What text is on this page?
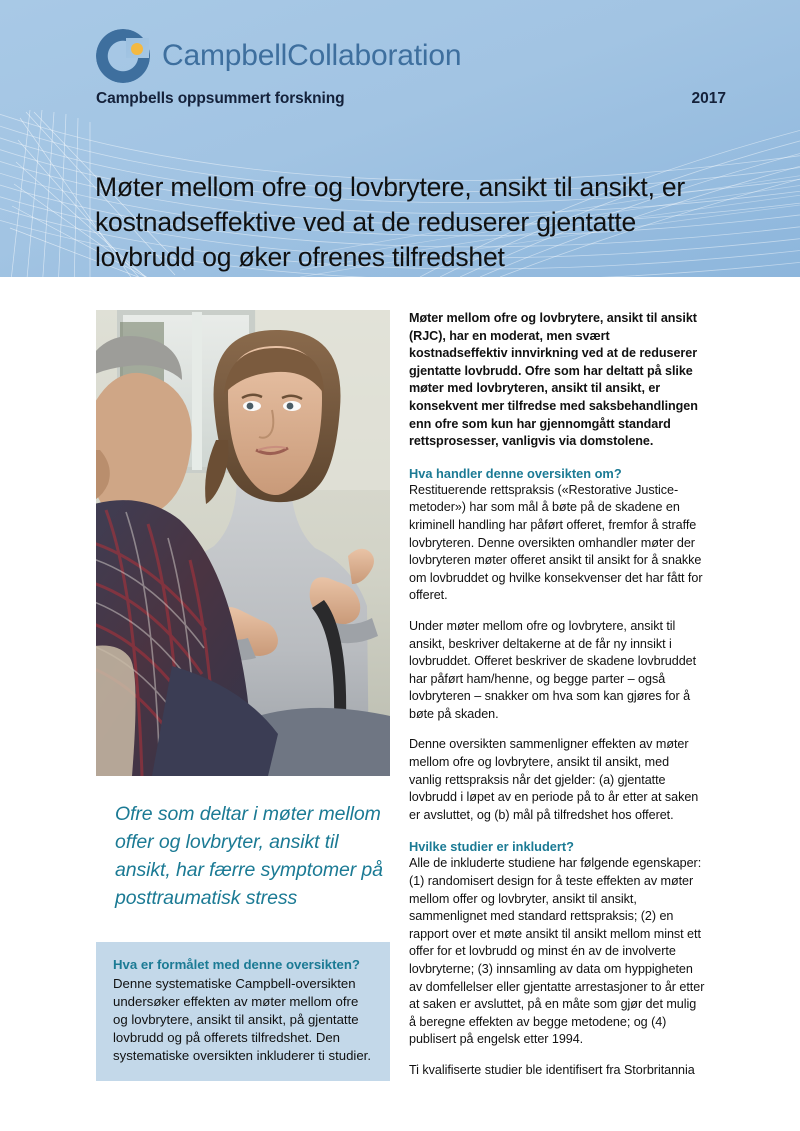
CampbellCollaboration
Campbells oppsummert forskning	2017
Møter mellom ofre og lovbrytere, ansikt til ansikt, er kostnadseffektive ved at de reduserer gjentatte lovbrudd og øker ofrenes tilfredshet
Ofre som deltar i møter mellom offer og lovbryter, ansikt til ansikt, har færre symptomer på posttraumatisk stress
Hva er formålet med denne oversikten?

Denne systematiske Campbell-oversikten undersøker effekten av møter mellom ofre og lovbrytere, ansikt til ansikt, på gjentatte lovbrudd og på offerets tilfredshet. Den systematiske oversikten inkluderer ti studier.

Møter mellom ofre og lovbrytere, ansikt til ansikt (RJC), har en moderat, men svært kostnadseffektiv innvirkning ved at de reduserer gjentatte lovbrudd. Ofre som har deltatt på slike møter med lovbryteren, ansikt til ansikt, er konsekvent mer tilfredse med saksbehandlingen enn ofre som kun har gjennomgått standard rettsprosesser, vanligvis via domstolene.

Hva handler denne oversikten om?

Restituerende rettspraksis («Restorative Justice-metoder») har som mål å bøte på de skadene en kriminell handling har påført offeret, fremfor å straffe lovbryteren. Denne oversikten omhandler møter der lovbryteren møter offeret ansikt til ansikt for å snakke om lovbruddet og hvilke konsekvenser det har fått for offeret.

Under møter mellom ofre og lovbrytere, ansikt til ansikt, beskriver deltakerne at de får ny innsikt i lovbruddet. Offeret beskriver de skadene lovbruddet har påført ham/henne, og begge parter – også lovbryteren – snakker om hva som kan gjøres for å bøte på skaden.

Denne oversikten sammenligner effekten av møter mellom ofre og lovbrytere, ansikt til ansikt, med vanlig rettspraksis når det gjelder: (a) gjentatte lovbrudd i løpet av en periode på to år etter at saken er avsluttet, og (b) mål på tilfredshet hos offeret.

Hvilke studier er inkludert?

Alle de inkluderte studiene har følgende egenskaper: (1) randomisert design for å teste effekten av møter mellom offer og lovbryter, ansikt til ansikt, sammenlignet med standard rettspraksis; (2) en rapport over et møte ansikt til ansikt mellom minst ett offer for et lovbrudd og minst én av de involverte lovbryterne; (3) innsamling av data om hyppigheten av domfellelser eller gjentatte arrestasjoner to år etter at saken er avsluttet, på en måte som gjør det mulig å beregne effekten av begge metodene; og (4) publisert på engelsk etter 1994.

Ti kvalifiserte studier ble identifisert fra Storbritannia
